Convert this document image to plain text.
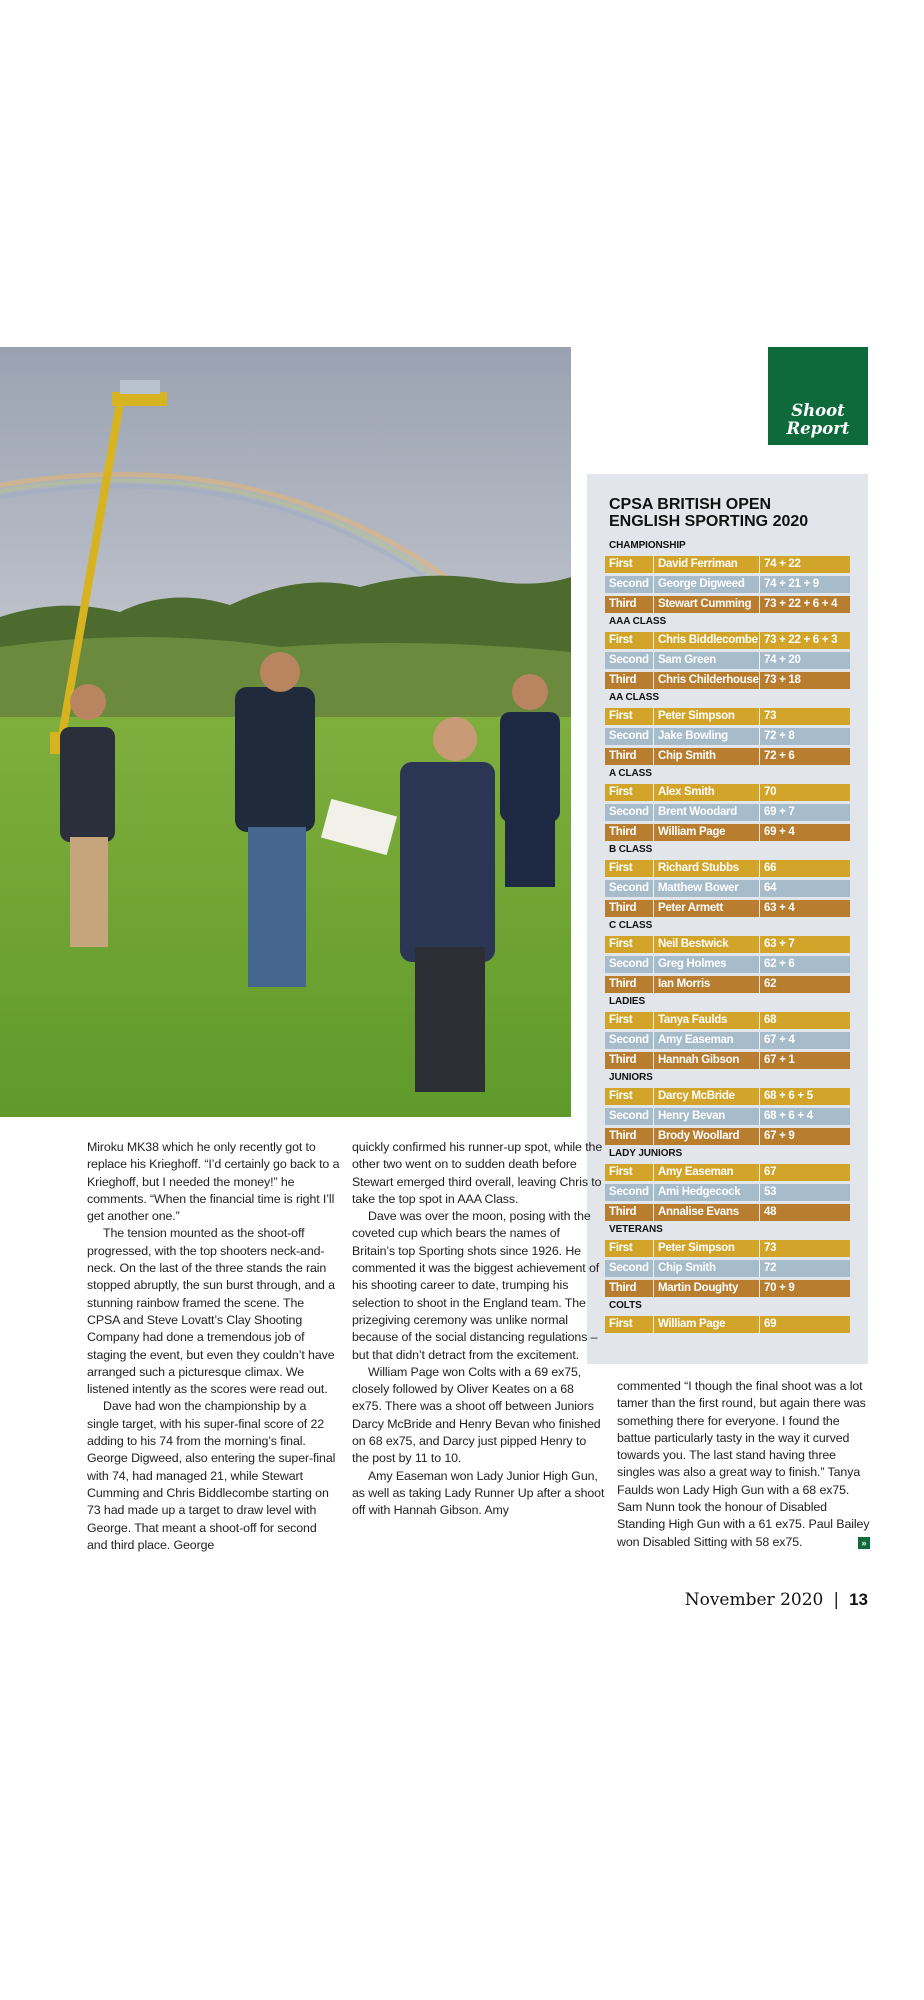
Shoot
Report
CPSA BRITISH OPEN
ENGLISH SPORTING 2020
CHAMPIONSHIP
First	David Ferriman	74 + 22
Second George Digweed	74 + 21 + 9
Third	Stewart Cumming	73 + 22 + 6 + 4
AAA CLASS
First	Chris Biddlecombe 73 + 22 + 6 + 3
Second Sam Green	74 + 20
Third	Chris Childerhouse 73 + 18
AA CLASS
First	Peter Simpson	73
Second Jake Bowling	72 + 8
Third	Chip Smith	72 + 6
A CLASS
First	Alex Smith	70
Second Brent Woodard	69 + 7
Third	William Page	69 + 4
B CLASS
First	Richard Stubbs	66
Second Matthew Bower	64
Third	Peter Armett	63 + 4
C CLASS
First	Neil Bestwick	63 + 7
Second Greg Holmes	62 + 6
Third	Ian Morris	62
LADIES
First	Tanya Faulds	68
Second Amy Easeman	67 + 4
Third	Hannah Gibson	67 + 1
JUNIORS
First	Darcy McBride	68 + 6 + 5
Second Henry Bevan	68 + 6 + 4
Third	Brody Woollard	67 + 9
LADY JUNIORS
First	Amy Easeman	67
Second Ami Hedgecock	53
Third	Annalise Evans	48
VETERANS
First	Peter Simpson	73
Second Chip Smith	72
Third	Martin Doughty	70 + 9
COLTS
First	William Page	69

Miroku MK38 which he only recently got to replace his Krieghoff. “I’d certainly go back to a Krieghoff, but I needed the money!” he comments. “When the financial time is right I’ll get another one.”

The tension mounted as the shoot-off progressed, with the top shooters neck-and-neck. On the last of the three stands the rain stopped abruptly, the sun burst through, and a stunning rainbow framed the scene. The CPSA and Steve Lovatt’s Clay Shooting Company had done a tremendous job of staging the event, but even they couldn’t have arranged such a picturesque climax. We listened intently as the scores were read out.

Dave had won the championship by a single target, with his super-final score of 22 adding to his 74 from the morning’s final. George Digweed, also entering the super-final with 74, had managed 21, while Stewart Cumming and Chris Biddlecombe starting on 73 had made up a target to draw level with George. That meant a shoot-off for second and third place. George

quickly confirmed his runner-up spot, while the other two went on to sudden death before Stewart emerged third overall, leaving Chris to take the top spot in AAA Class.

Dave was over the moon, posing with the coveted cup which bears the names of Britain’s top Sporting shots since 1926. He commented it was the biggest achievement of his shooting career to date, trumping his selection to shoot in the England team. The prizegiving ceremony was unlike normal because of the social distancing regulations – but that didn’t detract from the excitement.

William Page won Colts with a 69 ex75, closely followed by Oliver Keates on a 68 ex75. There was a shoot off between Juniors Darcy McBride and Henry Bevan who finished on 68 ex75, and Darcy just pipped Henry to the post by 11 to 10.

Amy Easeman won Lady Junior High Gun, as well as taking Lady Runner Up after a shoot off with Hannah Gibson. Amy

commented “I though the final shoot was a lot tamer than the first round, but again there was something there for everyone. I found the battue particularly tasty in the way it curved towards you. The last stand having three singles was also a great way to finish.” Tanya Faulds won Lady High Gun with a 68 ex75. Sam Nunn took the honour of Disabled Standing High Gun with a 61 ex75. Paul Bailey won Disabled Sitting with 58 ex75.	»

November 2020 | 13
